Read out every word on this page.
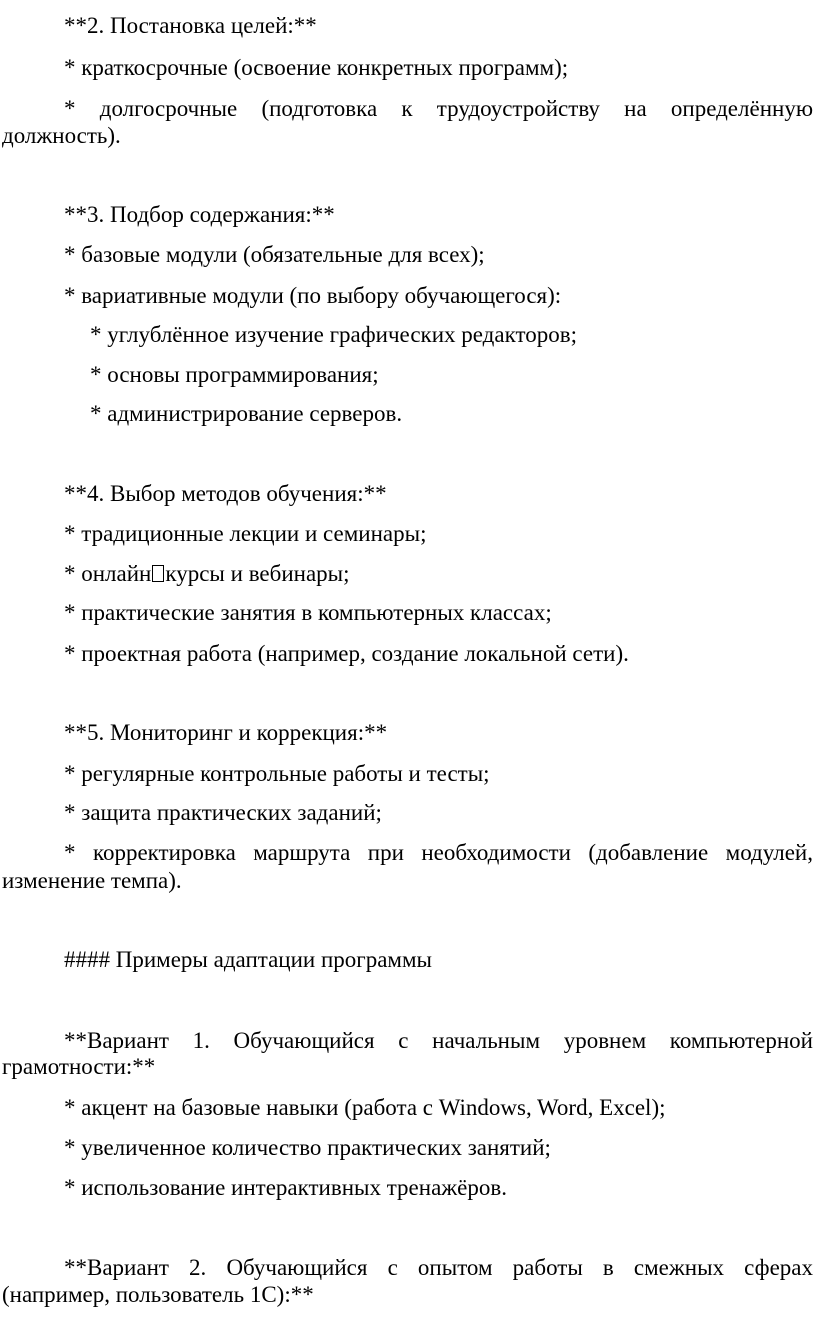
**2. Постановка целей:**
* краткосрочные (освоение конкретных программ);
* долгосрочные (подготовка к трудоустройству на определённую
должность).
**3. Подбор содержания:**
* базовые модули (обязательные для всех);
* вариативные модули (по выбору обучающегося):
* углублённое изучение графических редакторов;
* основы программирования;
* администрирование серверов.
**4. Выбор методов обучения:**
* традиционные лекции и семинары;
* онлайн курсы и вебинары;
* практические занятия в компьютерных классах;
* проектная работа (например, создание локальной сети).
**5. Мониторинг и коррекция:**
* регулярные контрольные работы и тесты;
* защита практических заданий;
* корректировка маршрута при необходимости (добавление модулей,
изменение темпа).
#### Примеры адаптации программы
**Вариант 1. Обучающийся с начальным уровнем компьютерной
грамотности:**
* акцент на базовые навыки (работа с Windows, Word, Excel);
* увеличенное количество практических занятий;
* использование интерактивных тренажёров.
**Вариант 2. Обучающийся с опытом работы в смежных сферах
(например, пользователь 1С):**
